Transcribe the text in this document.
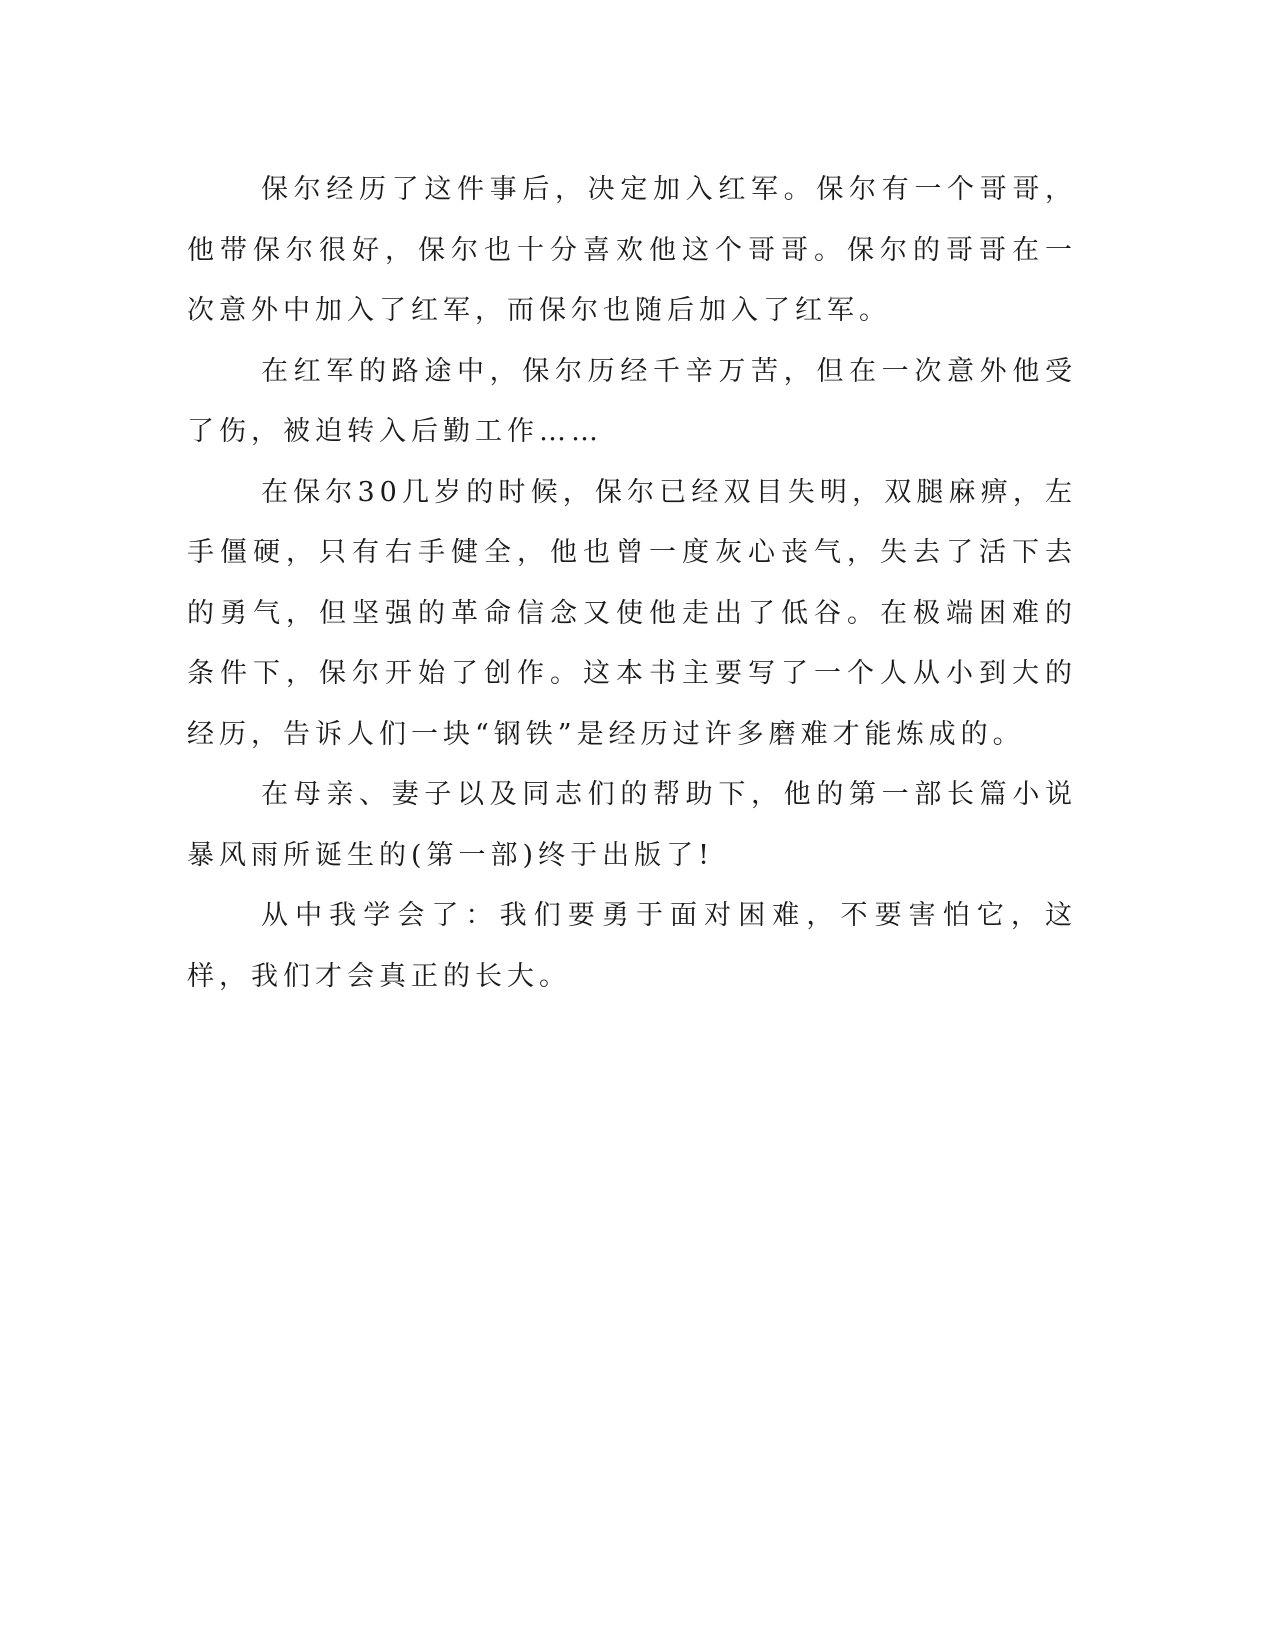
保尔经历了这件事后，决定加入红军。保尔有一个哥哥，他带保尔很好，保尔也十分喜欢他这个哥哥。保尔的哥哥在一次意外中加入了红军，而保尔也随后加入了红军。

在红军的路途中，保尔历经千辛万苦，但在一次意外他受了伤，被迫转入后勤工作……

在保尔30几岁的时候，保尔已经双目失明，双腿麻痹，左手僵硬，只有右手健全，他也曾一度灰心丧气，失去了活下去的勇气，但坚强的革命信念又使他走出了低谷。在极端困难的条件下，保尔开始了创作。这本书主要写了一个人从小到大的经历，告诉人们一块“钢铁”是经历过许多磨难才能炼成的。

在母亲、妻子以及同志们的帮助下，他的第一部长篇小说暴风雨所诞生的(第一部)终于出版了!

从中我学会了：我们要勇于面对困难，不要害怕它，这样，我们才会真正的长大。
